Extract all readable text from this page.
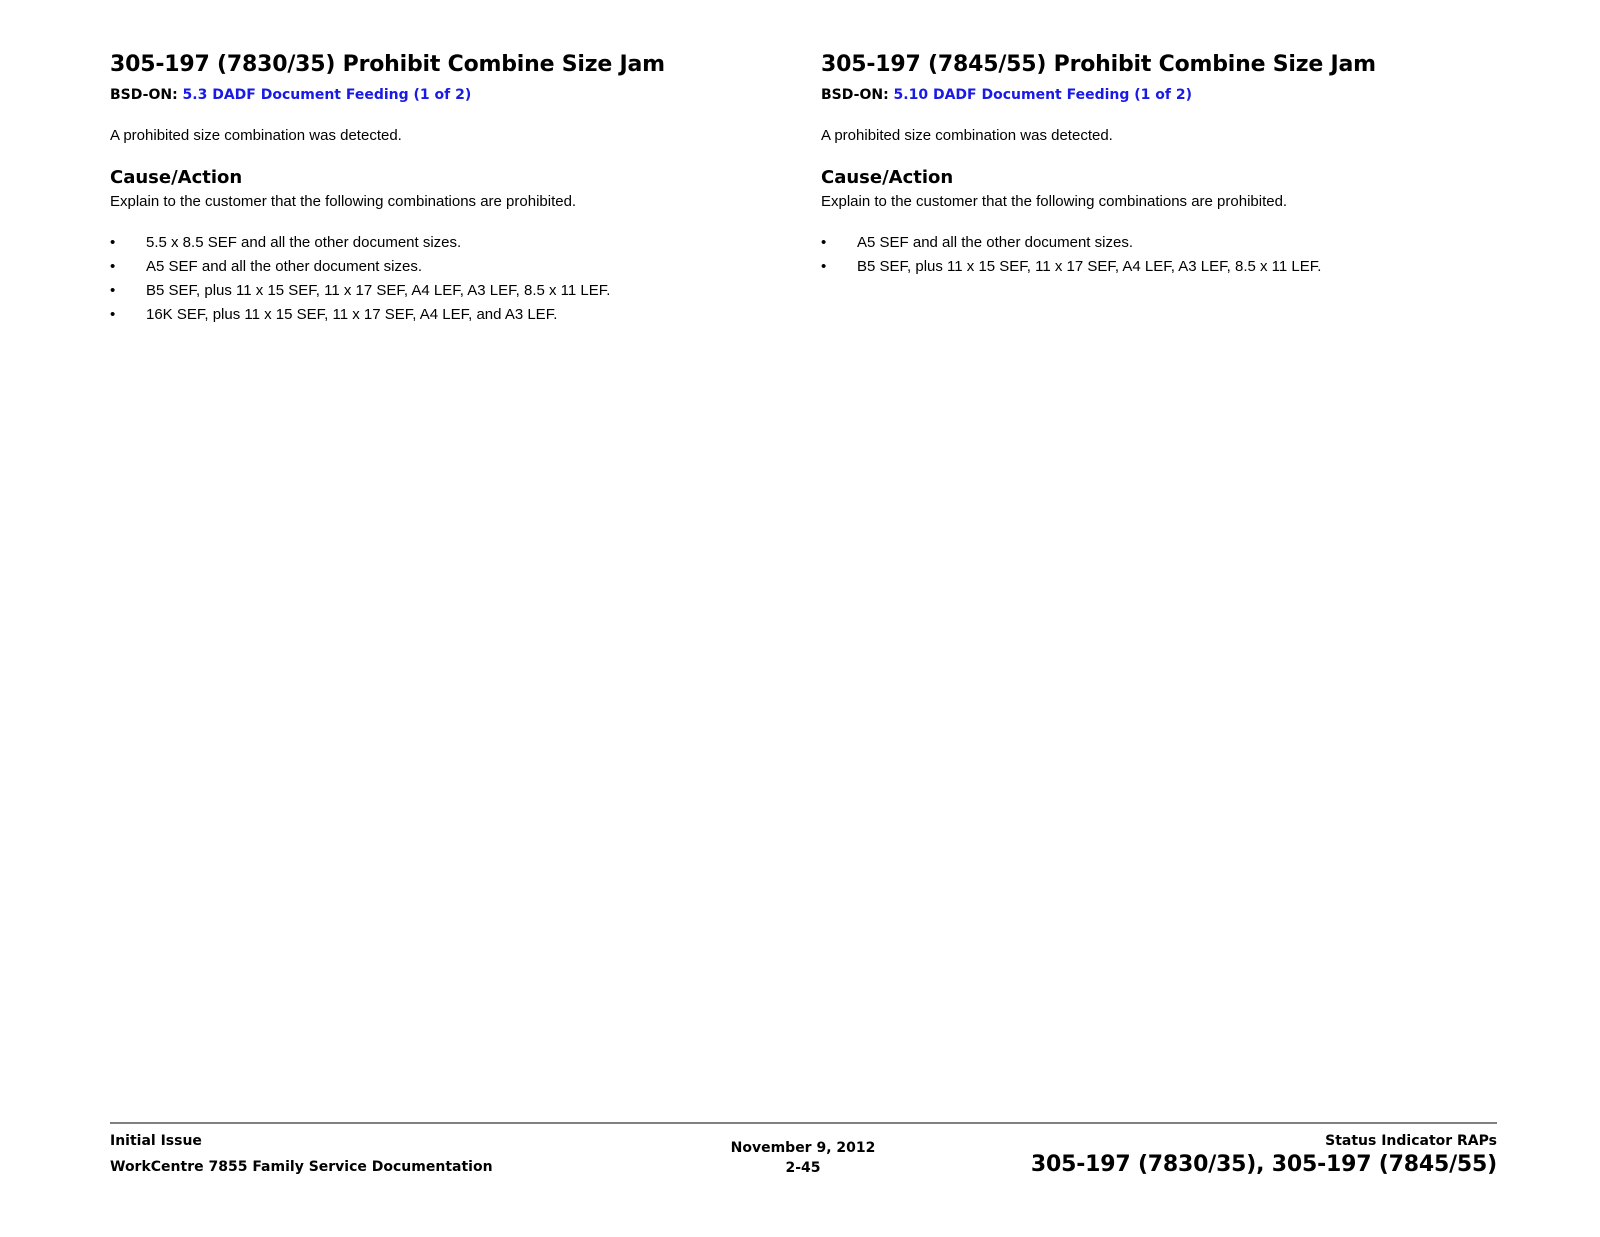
305-197 (7830/35) Prohibit Combine Size Jam
BSD-ON: 5.3 DADF Document Feeding (1 of 2)
A prohibited size combination was detected.
Cause/Action
Explain to the customer that the following combinations are prohibited.
• 5.5 x 8.5 SEF and all the other document sizes.
• A5 SEF and all the other document sizes.
• B5 SEF, plus 11 x 15 SEF, 11 x 17 SEF, A4 LEF, A3 LEF, 8.5 x 11 LEF.
• 16K SEF, plus 11 x 15 SEF, 11 x 17 SEF, A4 LEF, and A3 LEF.
305-197 (7845/55) Prohibit Combine Size Jam
BSD-ON: 5.10 DADF Document Feeding (1 of 2)
A prohibited size combination was detected.
Cause/Action
Explain to the customer that the following combinations are prohibited.
• A5 SEF and all the other document sizes.
• B5 SEF, plus 11 x 15 SEF, 11 x 17 SEF, A4 LEF, A3 LEF, 8.5 x 11 LEF.
Initial Issue
WorkCentre 7855 Family Service Documentation
November 9, 2012
2-45
Status Indicator RAPs
305-197 (7830/35), 305-197 (7845/55)
